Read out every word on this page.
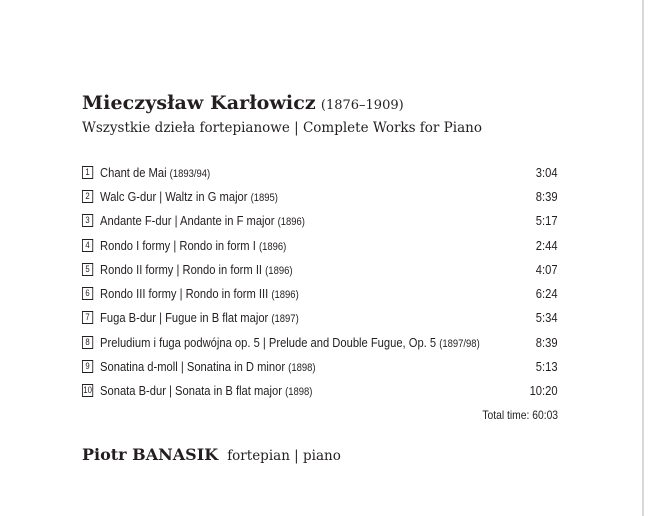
Mieczysław Karłowicz (1876–1909)
Wszystkie dzieła fortepianowe | Complete Works for Piano
1 Chant de Mai (1893/94)	3:04
2 Walc G-dur | Waltz in G major (1895)	8:39
3 Andante F-dur | Andante in F major (1896)	5:17
4 Rondo I formy | Rondo in form I (1896)	2:44
5 Rondo II formy | Rondo in form II (1896)	4:07
6 Rondo III formy | Rondo in form III (1896)	6:24
7 Fuga B-dur | Fugue in B flat major (1897)	5:34
8 Preludium i fuga podwójna op. 5 | Prelude and Double Fugue, Op. 5 (1897/98)	8:39
9 Sonatina d-moll | Sonatina in D minor (1898)	5:13
10 Sonata B-dur | Sonata in B flat major (1898)	10:20
Total time: 60:03
Piotr BANASIK fortepian | piano
